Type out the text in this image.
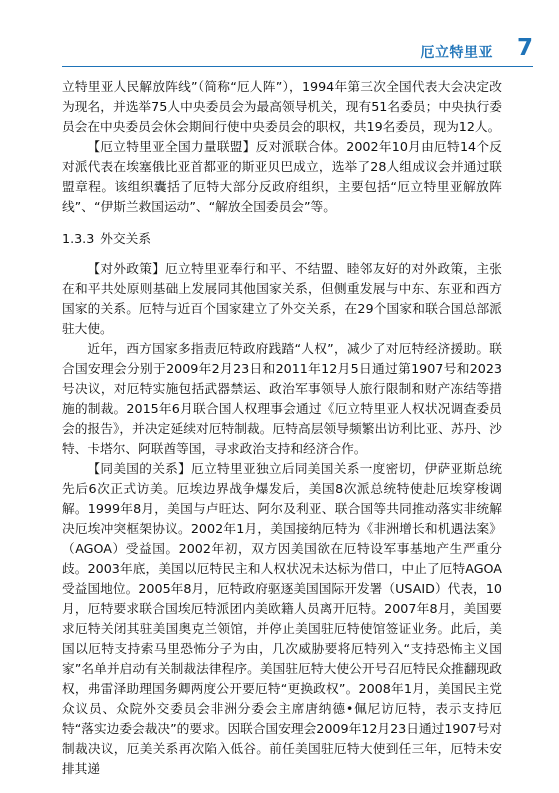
厄立特里亚 7

立特里亚人民解放阵线”（简称“厄人阵”），1994年第三次全国代表大会决定改为现名，并选举75人中央委员会为最高领导机关，现有51名委员；中央执行委员会在中央委员会休会期间行使中央委员会的职权，共19名委员，现为12人。

【厄立特里亚全国力量联盟】反对派联合体。2002年10月由厄特14个反对派代表在埃塞俄比亚首都亚的斯亚贝巴成立，选举了28人组成议会并通过联盟章程。该组织囊括了厄特大部分反政府组织，主要包括“厄立特里亚解放阵线”、“伊斯兰救国运动”、“解放全国委员会”等。

1.3.3 外交关系

【对外政策】厄立特里亚奉行和平、不结盟、睦邻友好的对外政策，主张在和平共处原则基础上发展同其他国家关系，但侧重发展与中东、东亚和西方国家的关系。厄特与近百个国家建立了外交关系，在29个国家和联合国总部派驻大使。

近年，西方国家多指责厄特政府践踏“人权”，减少了对厄特经济援助。联合国安理会分别于2009年2月23日和2011年12月5日通过第1907号和2023号决议，对厄特实施包括武器禁运、政治军事领导人旅行限制和财产冻结等措施的制裁。2015年6月联合国人权理事会通过《厄立特里亚人权状况调查委员会的报告》，并决定延续对厄特制裁。厄特高层领导频繁出访利比亚、苏丹、沙特、卡塔尔、阿联酋等国，寻求政治支持和经济合作。

【同美国的关系】厄立特里亚独立后同美国关系一度密切，伊萨亚斯总统先后6次正式访美。厄埃边界战争爆发后，美国8次派总统特使赴厄埃穿梭调解。1999年8月，美国与卢旺达、阿尔及利亚、联合国等共同推动落实非统解决厄埃冲突框架协议。2002年1月，美国接纳厄特为《非洲增长和机遇法案》（AGOA）受益国。2002年初，双方因美国欲在厄特设军事基地产生严重分歧。2003年底，美国以厄特民主和人权状况未达标为借口，中止了厄特AGOA受益国地位。2005年8月，厄特政府驱逐美国国际开发署（USAID）代表，10月，厄特要求联合国埃厄特派团内美欧籍人员离开厄特。2007年8月，美国要求厄特关闭其驻美国奥克兰领馆，并停止美国驻厄特使馆签证业务。此后，美国以厄特支持索马里恐怖分子为由，几次威胁要将厄特列入“支持恐怖主义国家”名单并启动有关制裁法律程序。美国驻厄特大使公开号召厄特民众推翻现政权，弗雷泽助理国务卿两度公开要厄特“更换政权”。2008年1月，美国民主党众议员、众院外交委员会非洲分委会主席唐纳德•佩尼访厄特，表示支持厄特“落实边委会裁决”的要求。因联合国安理会2009年12月23日通过1907号对制裁决议，厄美关系再次陷入低谷。前任美国驻厄特大使到任三年，厄特未安排其递
